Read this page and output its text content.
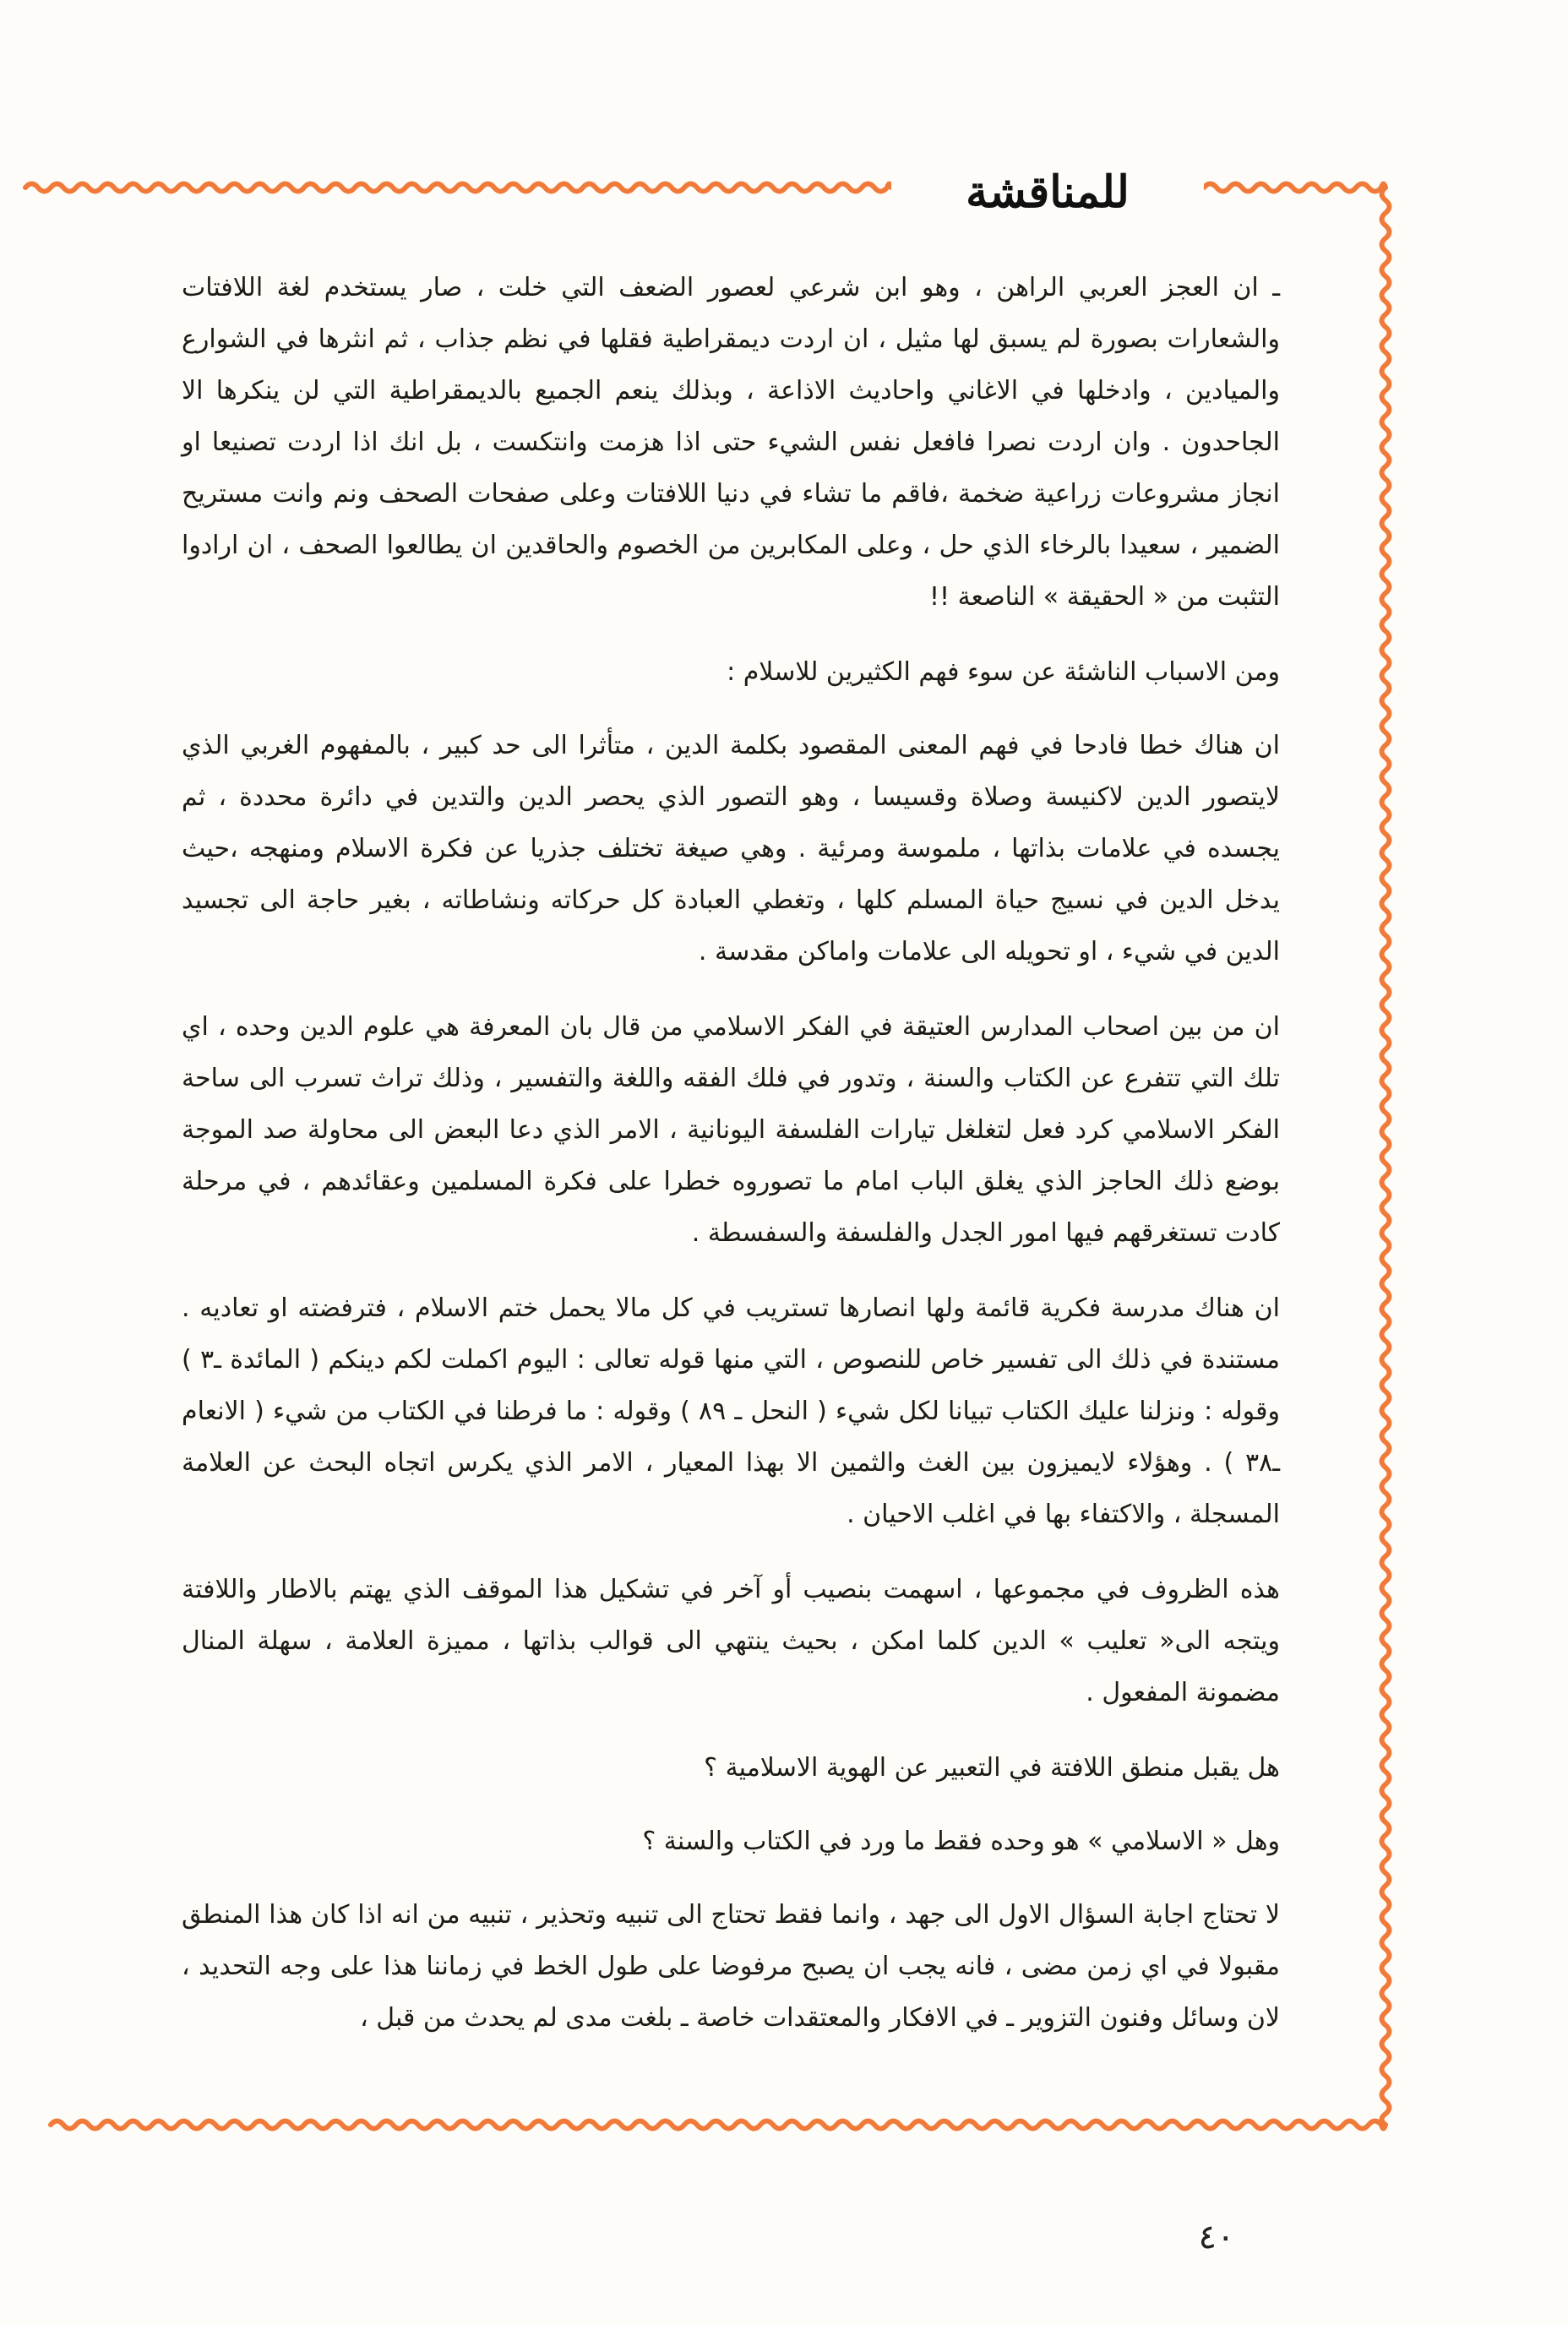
للمناقشة

ـ ان العجز العربي الراهن ، وهو ابن شرعي لعصور الضعف التي خلت ، صار يستخدم لغة اللافتات والشعارات بصورة لم يسبق لها مثيل ، ان اردت ديمقراطية فقلها في نظم جذاب ، ثم انثرها في الشوارع والميادين ، وادخلها في الاغاني واحاديث الاذاعة ، وبذلك ينعم الجميع بالديمقراطية التي لن ينكرها الا الجاحدون . وان اردت نصرا فافعل نفس الشيء حتى اذا هزمت وانتكست ، بل انك اذا اردت تصنيعا او انجاز مشروعات زراعية ضخمة ،فاقم ما تشاء في دنيا اللافتات وعلى صفحات الصحف ونم وانت مستريح الضمير ، سعيدا بالرخاء الذي حل ، وعلى المكابرين من الخصوم والحاقدين ان يطالعوا الصحف ، ان ارادوا التثبت من « الحقيقة » الناصعة !!

ومن الاسباب الناشئة عن سوء فهم الكثيرين للاسلام :

ان هناك خطا فادحا في فهم المعنى المقصود بكلمة الدين ، متأثرا الى حد كبير ، بالمفهوم الغربي الذي لايتصور الدين لاكنيسة وصلاة وقسيسا ، وهو التصور الذي يحصر الدين والتدين في دائرة محددة ، ثم يجسده في علامات بذاتها ، ملموسة ومرئية . وهي صيغة تختلف جذريا عن فكرة الاسلام ومنهجه ،حيث يدخل الدين في نسيج حياة المسلم كلها ، وتغطي العبادة كل حركاته ونشاطاته ، بغير حاجة الى تجسيد الدين في شيء ، او تحويله الى علامات واماكن مقدسة .

ان من بين اصحاب المدارس العتيقة في الفكر الاسلامي من قال بان المعرفة هي علوم الدين وحده ، اي تلك التي تتفرع عن الكتاب والسنة ، وتدور في فلك الفقه واللغة والتفسير ، وذلك تراث تسرب الى ساحة الفكر الاسلامي كرد فعل لتغلغل تيارات الفلسفة اليونانية ، الامر الذي دعا البعض الى محاولة صد الموجة بوضع ذلك الحاجز الذي يغلق الباب امام ما تصوروه خطرا على فكرة المسلمين وعقائدهم ، في مرحلة كادت تستغرقهم فيها امور الجدل والفلسفة والسفسطة .

ان هناك مدرسة فكرية قائمة ولها انصارها تستريب في كل مالا يحمل ختم الاسلام ، فترفضته او تعاديه . مستندة في ذلك الى تفسير خاص للنصوص ، التي منها قوله تعالى : اليوم اكملت لكم دينكم ( المائدة ـ٣ ) وقوله : ونزلنا عليك الكتاب تبيانا لكل شيء ( النحل ـ ٨٩ ) وقوله : ما فرطنا في الكتاب من شيء ( الانعام ـ٣٨ ) . وهؤلاء لايميزون بين الغث والثمين الا بهذا المعيار ، الامر الذي يكرس اتجاه البحث عن العلامة المسجلة ، والاكتفاء بها في اغلب الاحيان .

هذه الظروف في مجموعها ، اسهمت بنصيب أو آخر في تشكيل هذا الموقف الذي يهتم بالاطار واللافتة ويتجه الى« تعليب » الدين كلما امكن ، بحيث ينتهي الى قوالب بذاتها ، مميزة العلامة ، سهلة المنال مضمونة المفعول .

هل يقبل منطق اللافتة في التعبير عن الهوية الاسلامية ؟

وهل « الاسلامي » هو وحده فقط ما ورد في الكتاب والسنة ؟

لا تحتاج اجابة السؤال الاول الى جهد ، وانما فقط تحتاج الى تنبيه وتحذير ، تنبيه من انه اذا كان هذا المنطق مقبولا في اي زمن مضى ، فانه يجب ان يصبح مرفوضا على طول الخط في زماننا هذا على وجه التحديد ، لان وسائل وفنون التزوير ـ في الافكار والمعتقدات خاصة ـ بلغت مدى لم يحدث من قبل ،

٤٠
